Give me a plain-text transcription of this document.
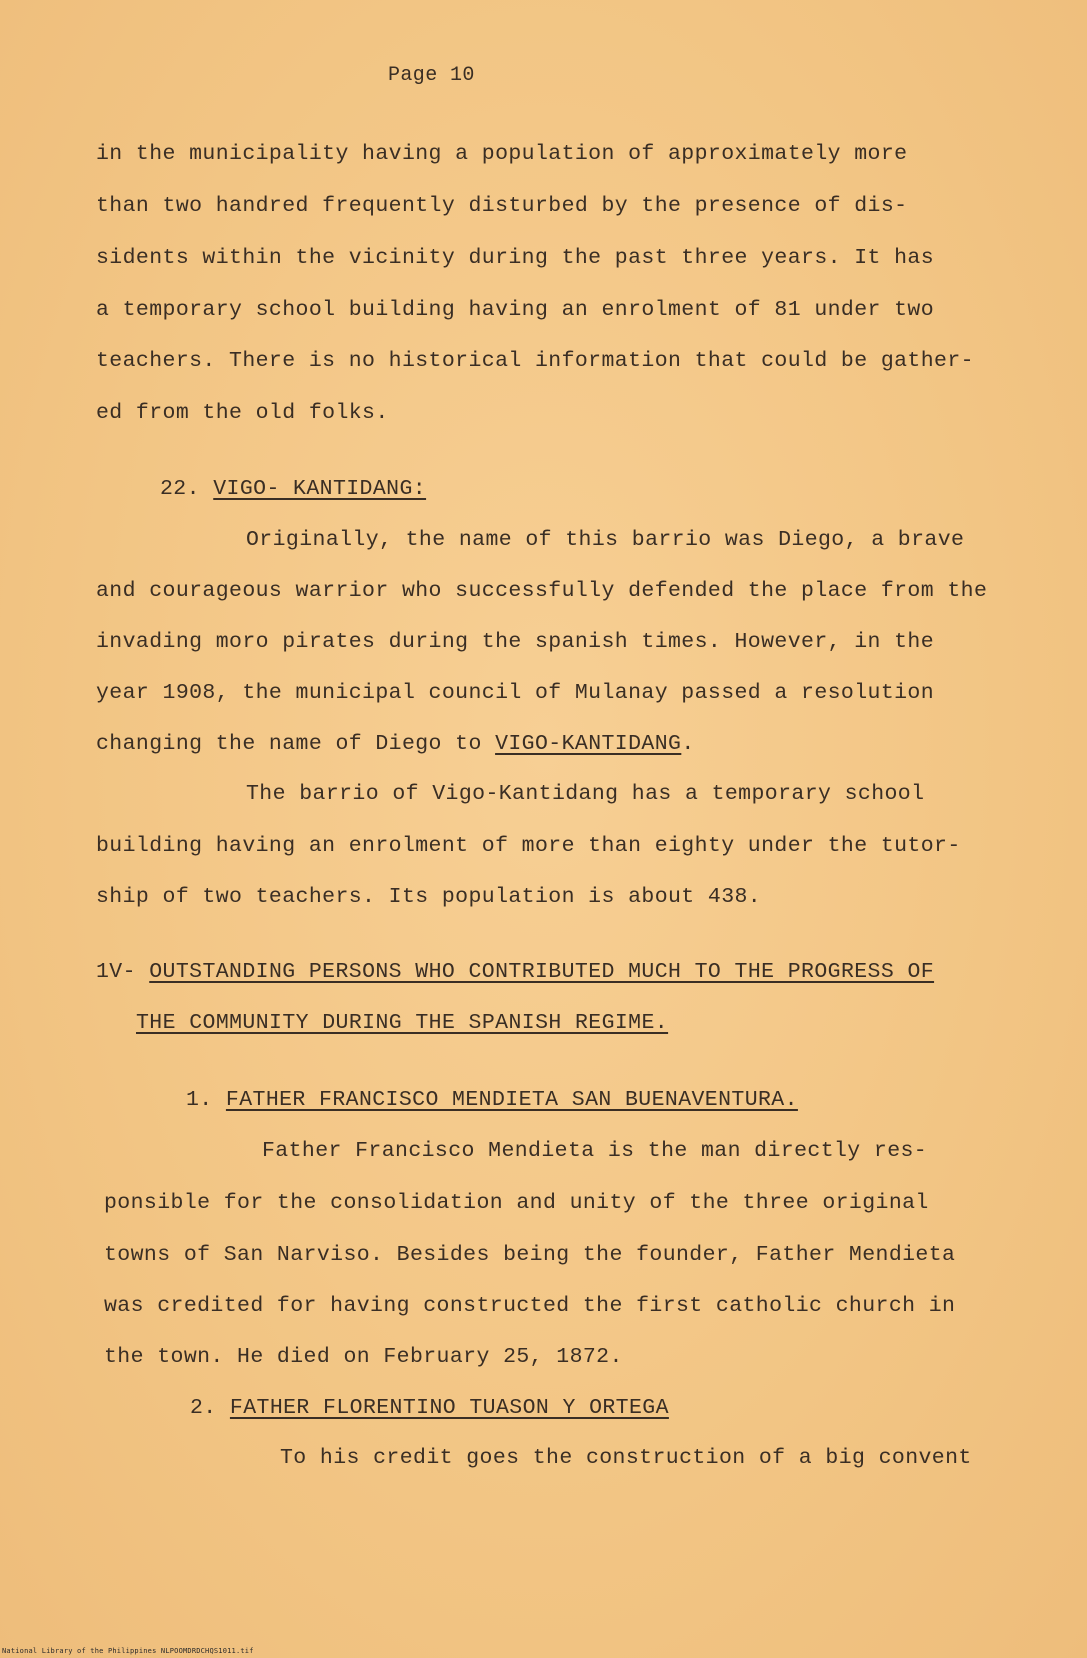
Page 10
in the municipality having a population of approximately more
than two handred frequently disturbed by the presence of dis-
sidents within the vicinity during the past three years. It has
a temporary school building having an enrolment of 81 under two
teachers. There is no historical information that could be gather-
ed from the old folks.
22. VIGO- KANTIDANG:
Originally, the name of this barrio was Diego, a brave
and courageous warrior who successfully defended the place from the
invading moro pirates during the spanish times. However, in the
year 1908, the municipal council of Mulanay passed a resolution
changing the name of Diego to VIGO-KANTIDANG.
The barrio of Vigo-Kantidang has a temporary school
building having an enrolment of more than eighty under the tutor-
ship of two teachers. Its population is about 438.
1V- OUTSTANDING PERSONS WHO CONTRIBUTED MUCH TO THE PROGRESS OF
THE COMMUNITY DURING THE SPANISH REGIME.
1. FATHER FRANCISCO MENDIETA SAN BUENAVENTURA.
Father Francisco Mendieta is the man directly res-
ponsible for the consolidation and unity of the three original
towns of San Narviso. Besides being the founder, Father Mendieta
was credited for having constructed the first catholic church in
the town. He died on February 25, 1872.
2. FATHER FLORENTINO TUASON Y ORTEGA
To his credit goes the construction of a big convent
National Library of the Philippines NLPOOMDRDCHQS1011.tif
